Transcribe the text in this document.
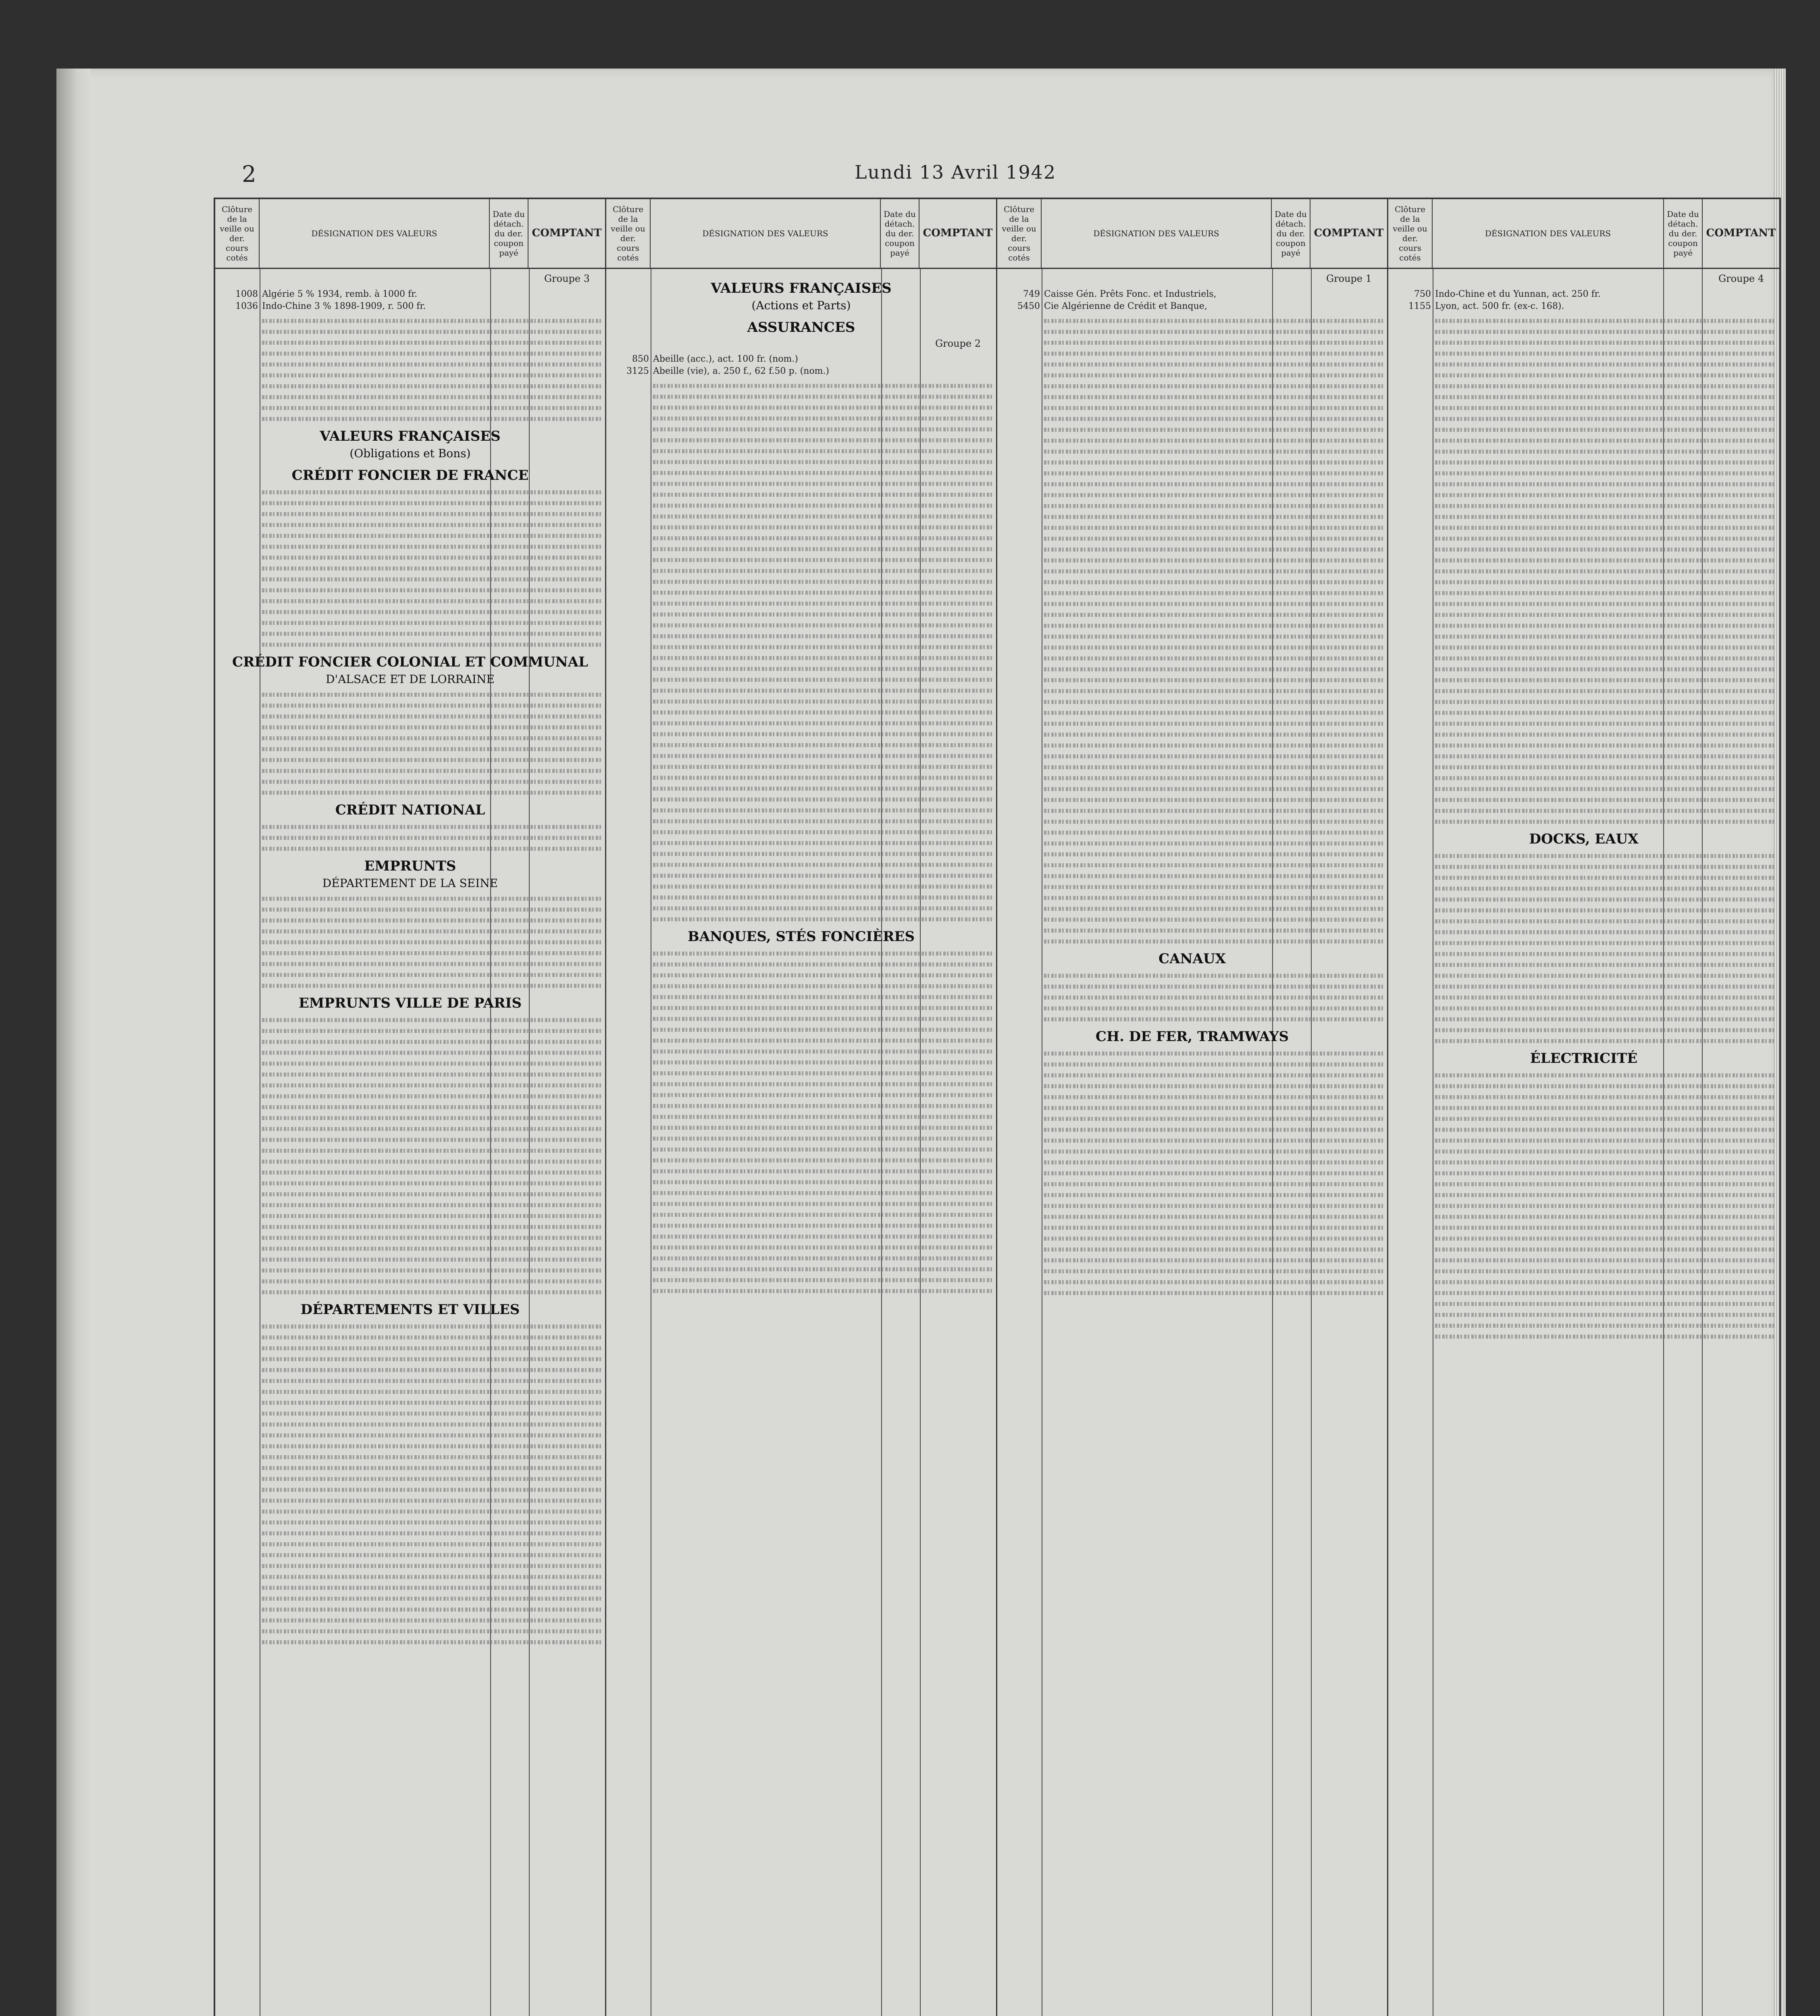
2	Lundi 13 Avril 1942
Clôture de la veille ou der. cours cotés
DÉSIGNATION DES VALEURS
Date du détach. du der. coupon payé
COMPTANT
Groupe 3
1008 Algérie 5 % 1934, remb. à 1000 fr.
1036 Indo-Chine 3 % 1898-1909, r. 500 fr.
VALEURS FRANÇAISES
(Obligations et Bons)
CRÉDIT FONCIER DE FRANCE
CRÉDIT FONCIER COLONIAL ET COMMUNAL
D'ALSACE ET DE LORRAINE
CRÉDIT NATIONAL
EMPRUNTS
DÉPARTEMENT DE LA SEINE
EMPRUNTS VILLE DE PARIS
DÉPARTEMENTS ET VILLES
Clôture de la veille ou der. cours cotés
DÉSIGNATION DES VALEURS
Date du détach. du der. coupon payé
COMPTANT
VALEURS FRANÇAISES
(Actions et Parts)
ASSURANCES
Groupe 2
850 Abeille (acc.), act. 100 fr. (nom.)
3125 Abeille (vie), a. 250 f., 62 f.50 p. (nom.)
BANQUES, STÉS FONCIÈRES
Clôture de la veille ou der. cours cotés
DÉSIGNATION DES VALEURS
Date du détach. du der. coupon payé
COMPTANT
Groupe 1
749 Caisse Gén. Prêts Fonc. et Industriels,
5450 Cie Algérienne de Crédit et Banque,
CANAUX
CH. DE FER, TRAMWAYS
Clôture de la veille ou der. cours cotés
DÉSIGNATION DES VALEURS
Date du détach. du der. coupon payé
COMPTANT
Groupe 4
750 Indo-Chine et du Yunnan, act. 250 fr.
1155 Lyon, act. 500 fr. (ex-c. 168).
DOCKS, EAUX
ÉLECTRICITÉ
